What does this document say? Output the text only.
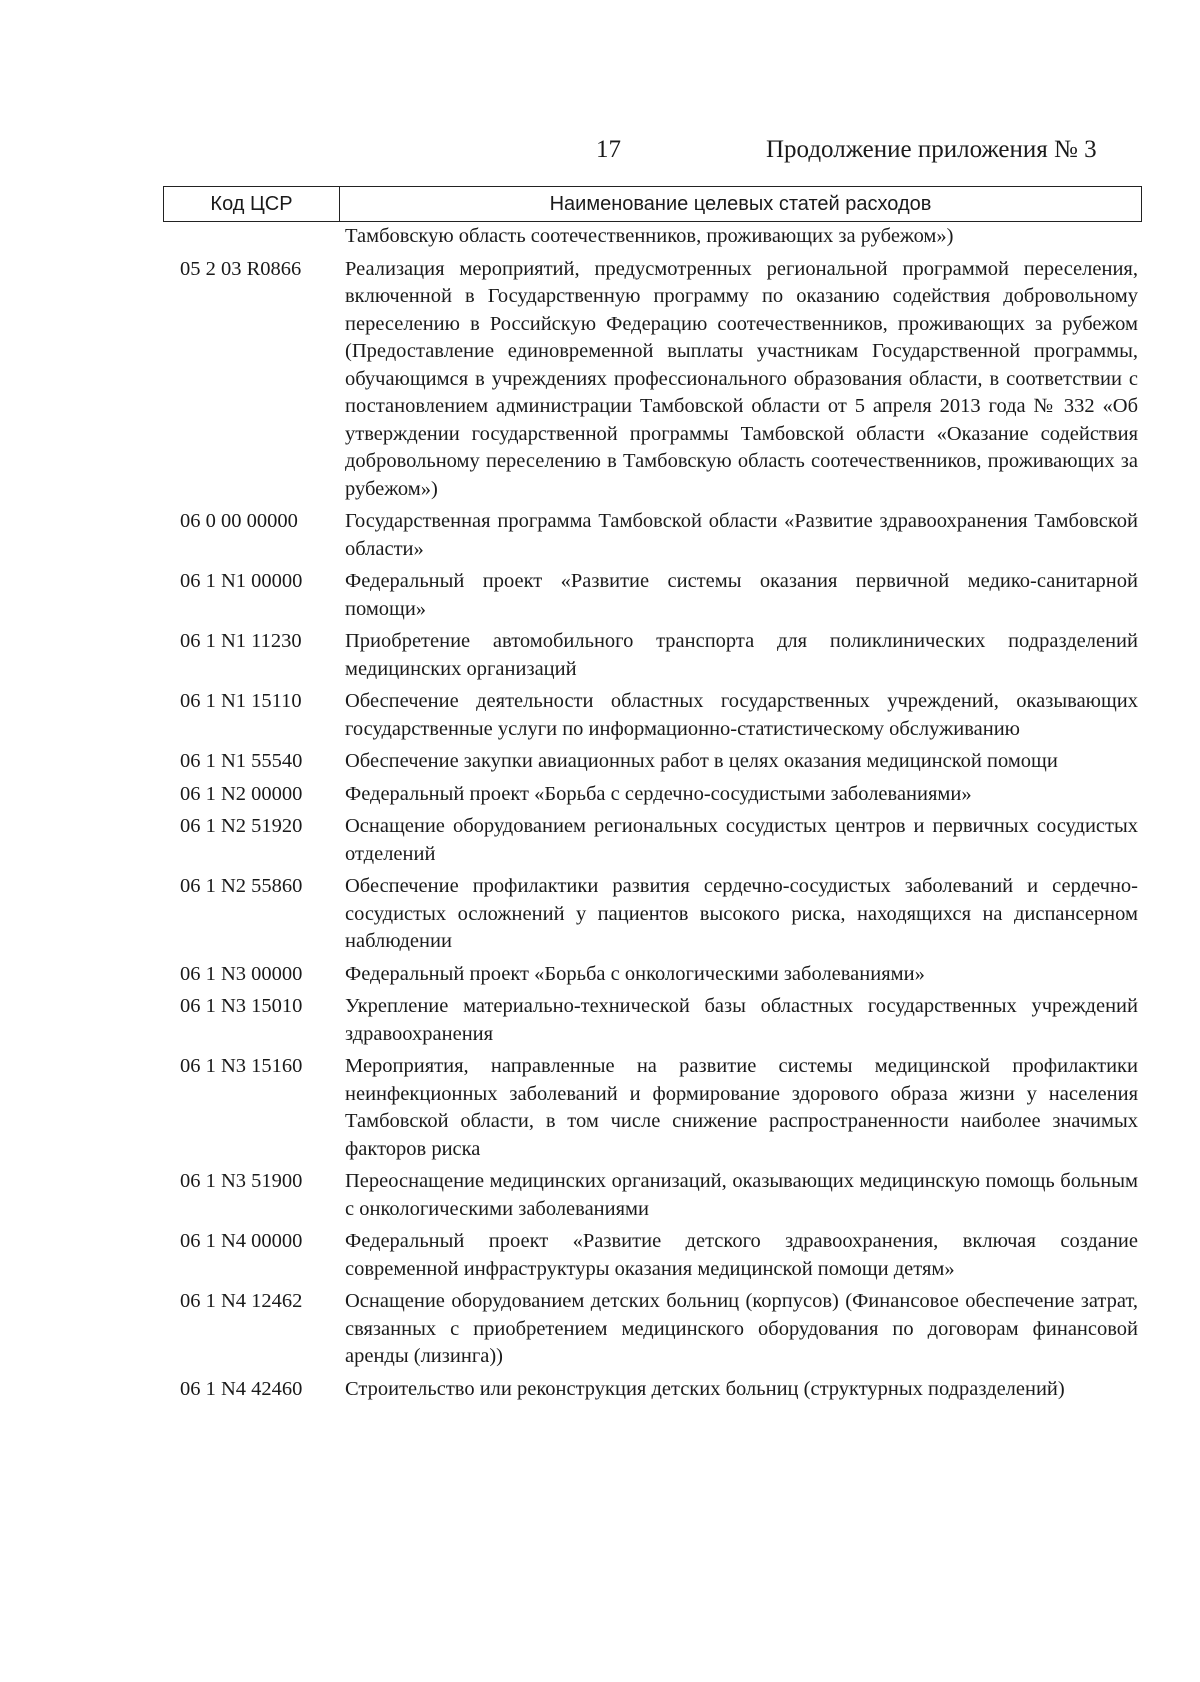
17	Продолжение приложения № 3
Код ЦСР	Наименование целевых статей расходов
Тамбовскую область соотечественников, проживающих за рубежом»)
05 2 03 R0866	Реализация мероприятий, предусмотренных региональной программой переселения, включенной в Государственную программу по оказанию содействия добровольному переселению в Российскую Федерацию соотечественников, проживающих за рубежом (Предоставление единовременной выплаты участникам Государственной программы, обучающимся в учреждениях профессионального образования области, в соответствии с постановлением администрации Тамбовской области от 5 апреля 2013 года № 332 «Об утверждении государственной программы Тамбовской области «Оказание содействия добровольному переселению в Тамбовскую область соотечественников, проживающих за рубежом»)
06 0 00 00000	Государственная программа Тамбовской области «Развитие здравоохранения Тамбовской области»
06 1 N1 00000	Федеральный проект «Развитие системы оказания первичной медико-санитарной помощи»
06 1 N1 11230	Приобретение автомобильного транспорта для поликлинических подразделений медицинских организаций
06 1 N1 15110	Обеспечение деятельности областных государственных учреждений, оказывающих государственные услуги по информационно-статистическому обслуживанию
06 1 N1 55540	Обеспечение закупки авиационных работ в целях оказания медицинской помощи
06 1 N2 00000	Федеральный проект «Борьба с сердечно-сосудистыми заболеваниями»
06 1 N2 51920	Оснащение оборудованием региональных сосудистых центров и первичных сосудистых отделений
06 1 N2 55860	Обеспечение профилактики развития сердечно-сосудистых заболеваний и сердечно-сосудистых осложнений у пациентов высокого риска, находящихся на диспансерном наблюдении
06 1 N3 00000	Федеральный проект «Борьба с онкологическими заболеваниями»
06 1 N3 15010	Укрепление материально-технической базы областных государственных учреждений здравоохранения
06 1 N3 15160	Мероприятия, направленные на развитие системы медицинской профилактики неинфекционных заболеваний и формирование здорового образа жизни у населения Тамбовской области, в том числе снижение распространенности наиболее значимых факторов риска
06 1 N3 51900	Переоснащение медицинских организаций, оказывающих медицинскую помощь больным с онкологическими заболеваниями
06 1 N4 00000	Федеральный проект «Развитие детского здравоохранения, включая создание современной инфраструктуры оказания медицинской помощи детям»
06 1 N4 12462	Оснащение оборудованием детских больниц (корпусов) (Финансовое обеспечение затрат, связанных с приобретением медицинского оборудования по договорам финансовой аренды (лизинга))
06 1 N4 42460	Строительство или реконструкция детских больниц (структурных подразделений)
